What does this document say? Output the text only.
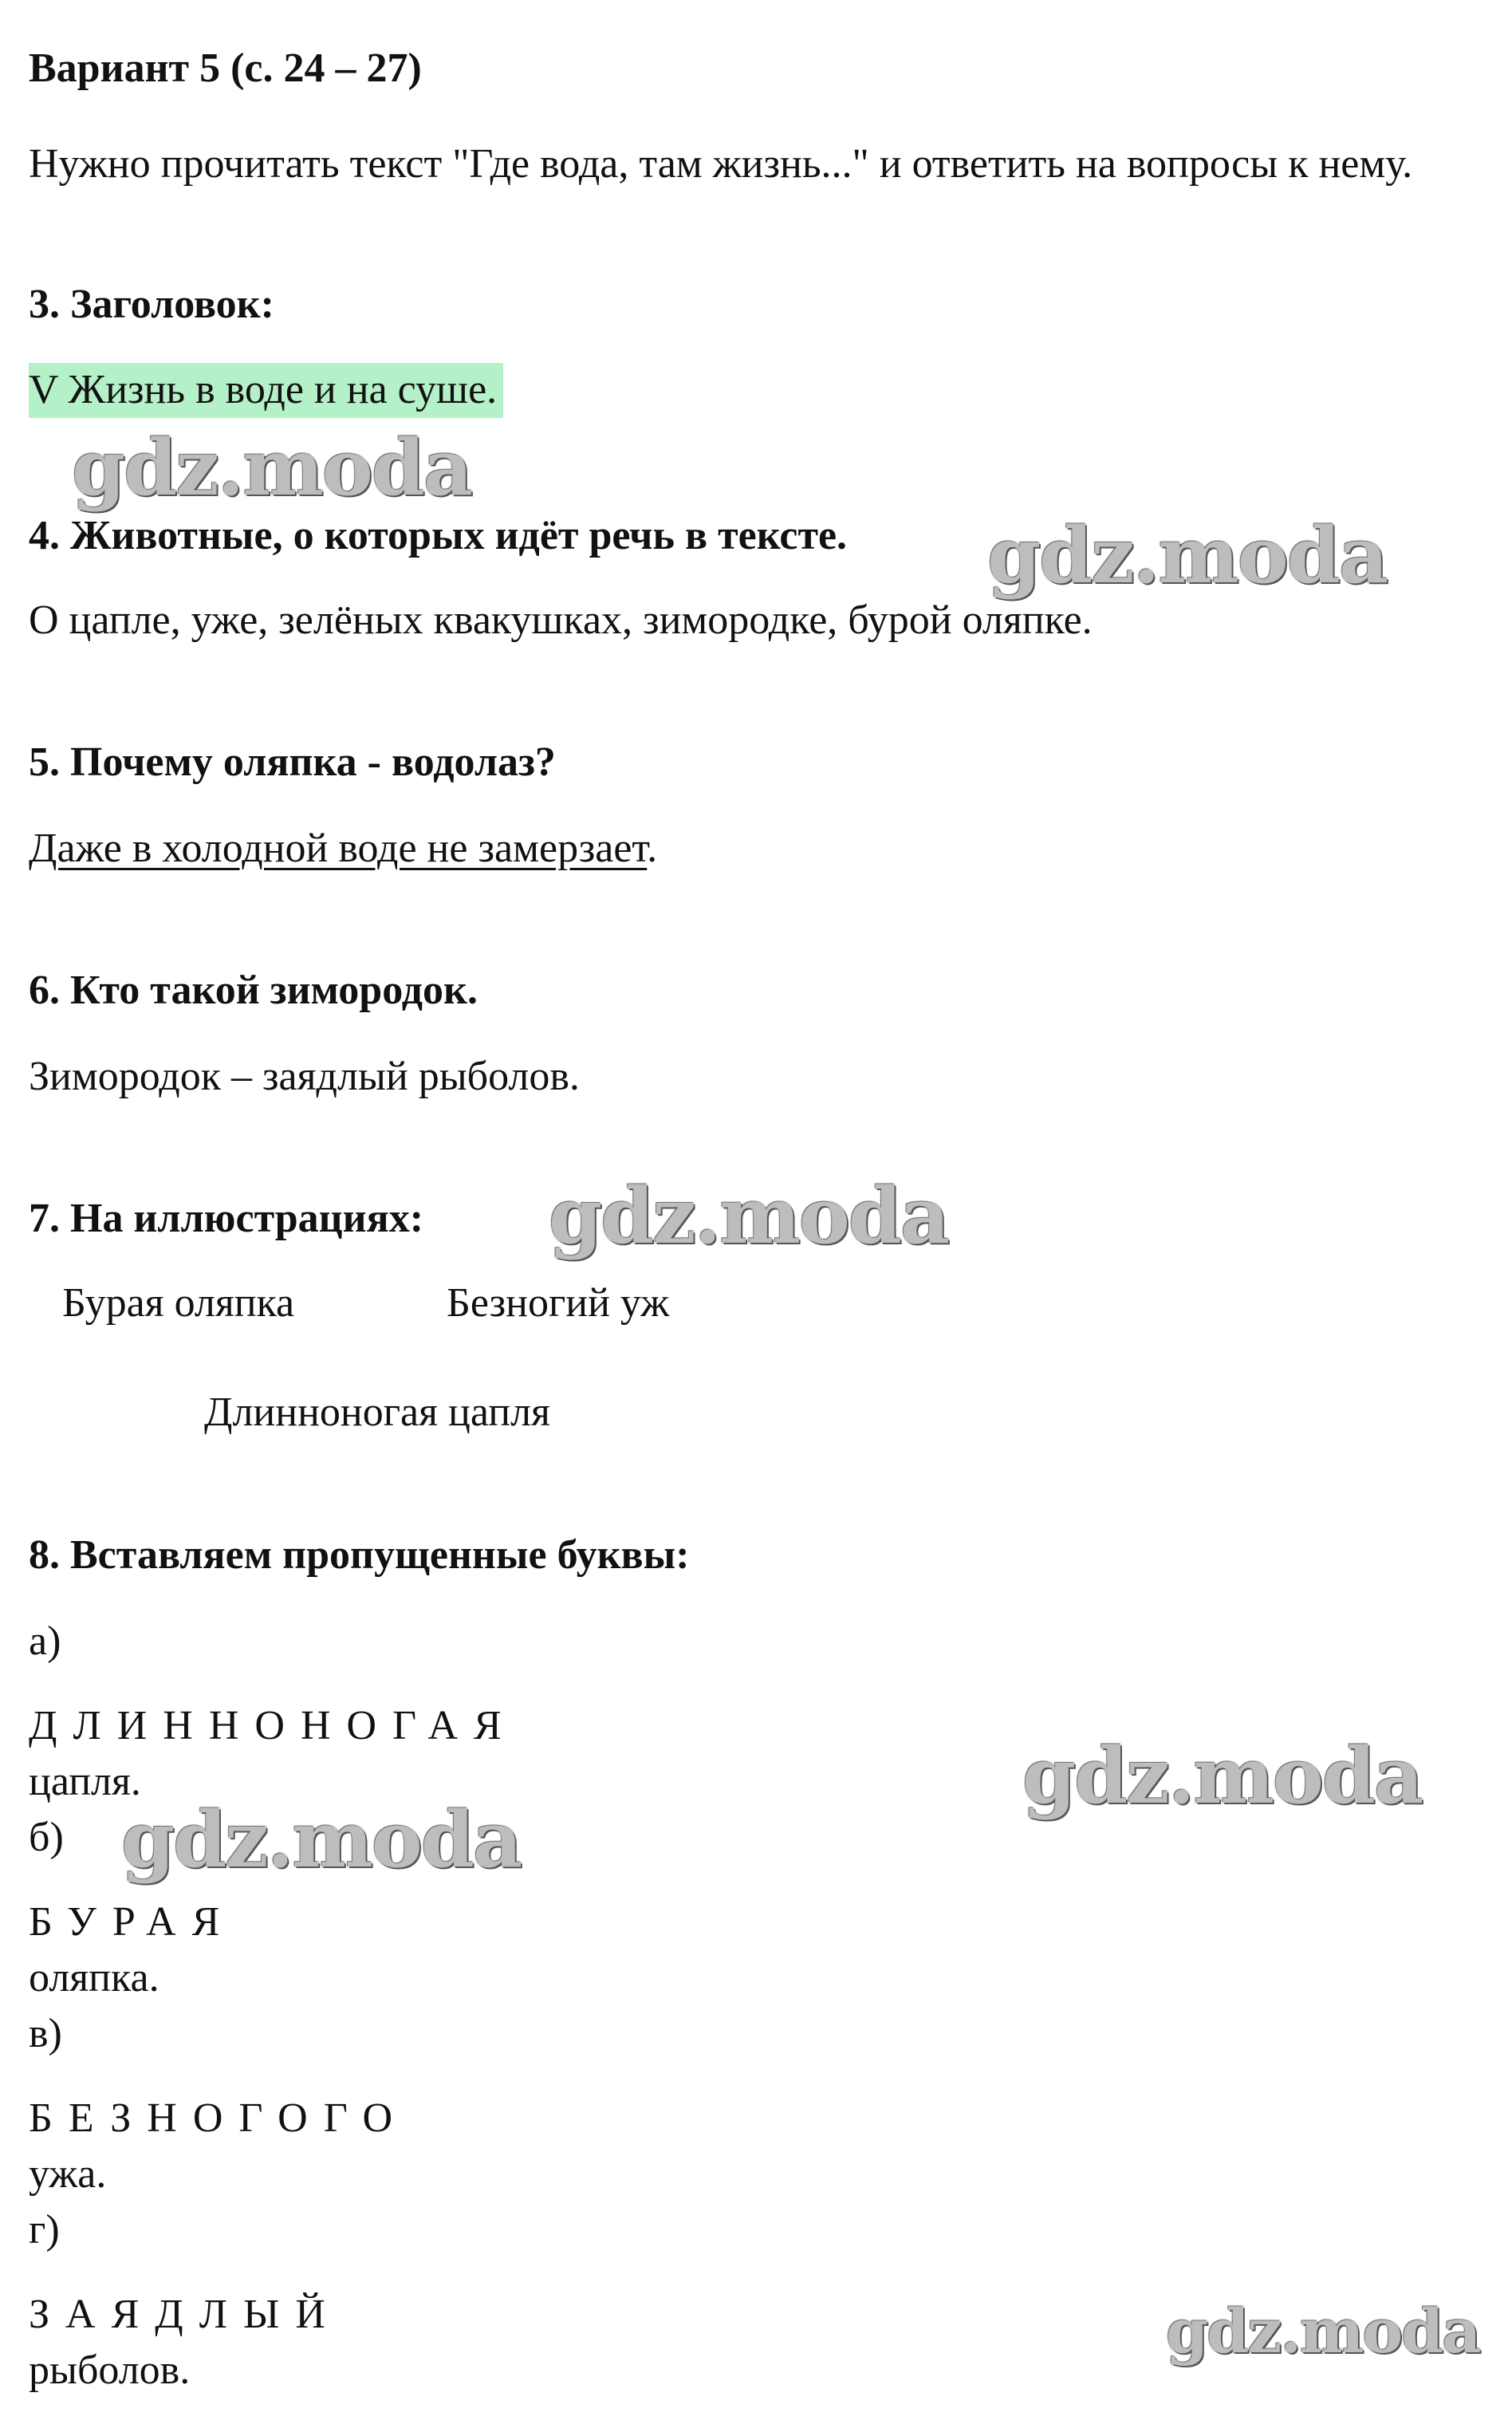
Вариант 5 (с. 24 – 27)
Нужно прочитать текст "Где вода, там жизнь..." и ответить на вопросы к нему.
3. Заголовок:
V Жизнь в воде и на суше.
4. Животные, о которых идёт речь в тексте.
О цапле, уже, зелёных квакушках, зимородке, бурой оляпке.
5. Почему оляпка - водолаз?
Даже в холодной воде не замерзает.
6. Кто такой зимородок.
Зимородок – заядлый рыболов.
7. На иллюстрациях:
Бурая оляпка	Безногий уж
Длинноногая цапля
8. Вставляем пропущенные буквы:
а)
ДЛИННОНОГАЯ
цапля.
б)
БУРАЯ
оляпка.
в)
БЕЗНОГОГО
ужа.
г)
ЗАЯДЛЫЙ
рыболов.
gdz.moda
gdz.moda
gdz.moda
gdz.moda
gdz.moda
gdz.moda
